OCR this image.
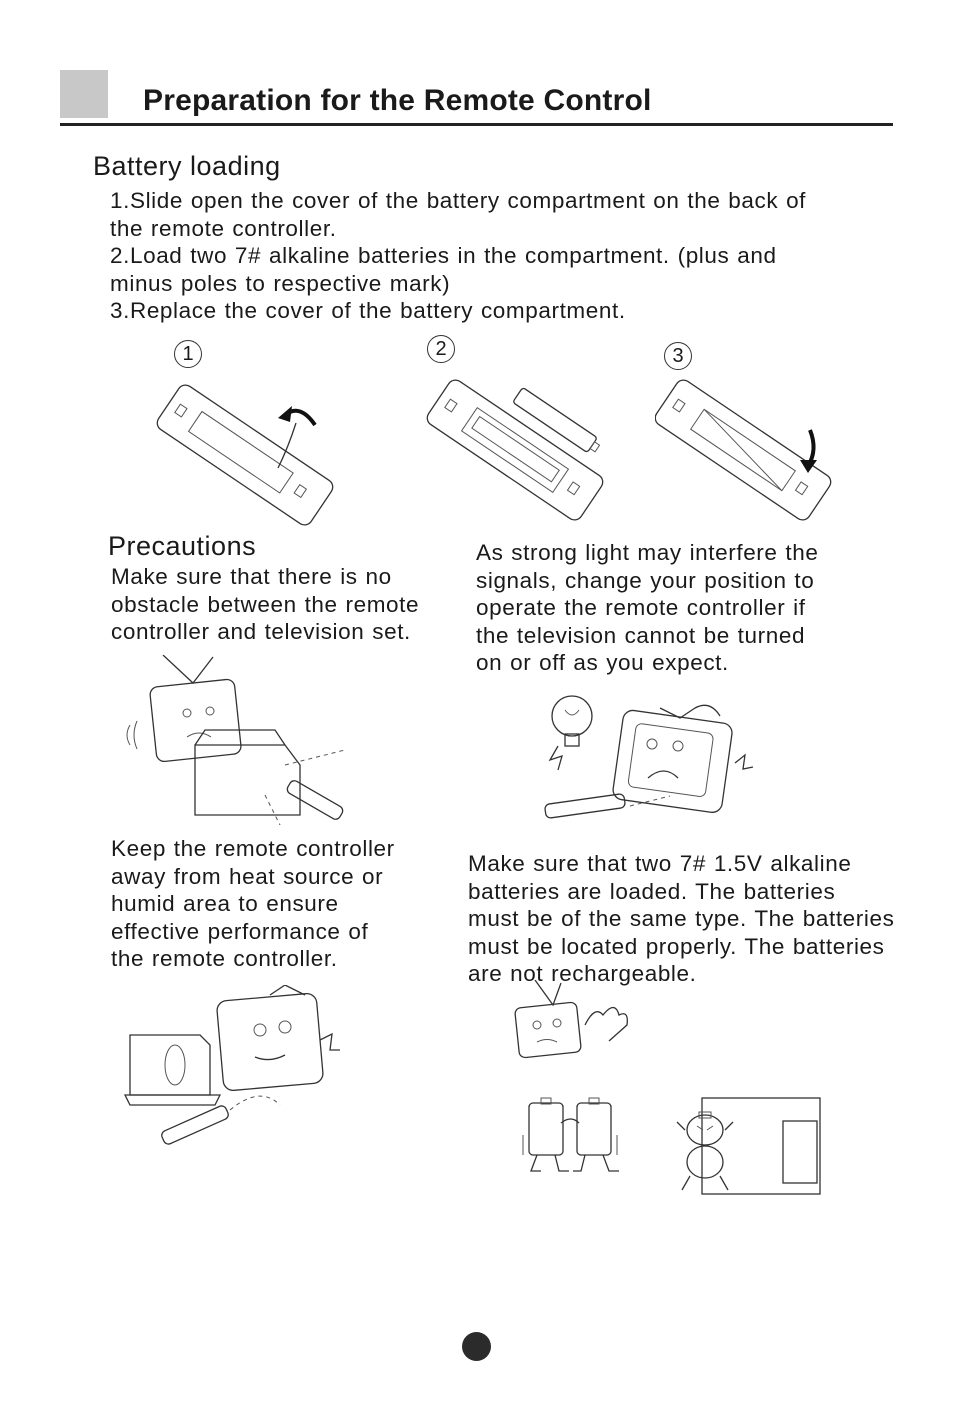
Preparation for the Remote Control
Battery loading
1.Slide open the cover of the battery compartment on the back of
the remote controller.
2.Load two 7# alkaline batteries in the compartment. (plus and
minus poles to respective mark)
3.Replace the cover of the battery compartment.
1	2	3
Precautions
Make sure that there is no
obstacle between the remote
controller and television set.
As strong light may interfere the
signals, change your position to
operate the remote controller if
the television cannot be turned
on or off as you expect.
Keep the remote controller
away from heat source or
humid area to ensure
effective performance of
the remote controller.
Make sure that two 7# 1.5V alkaline
batteries are loaded. The batteries
must be of the same type. The batteries
must be located properly. The batteries
are not rechargeable.
